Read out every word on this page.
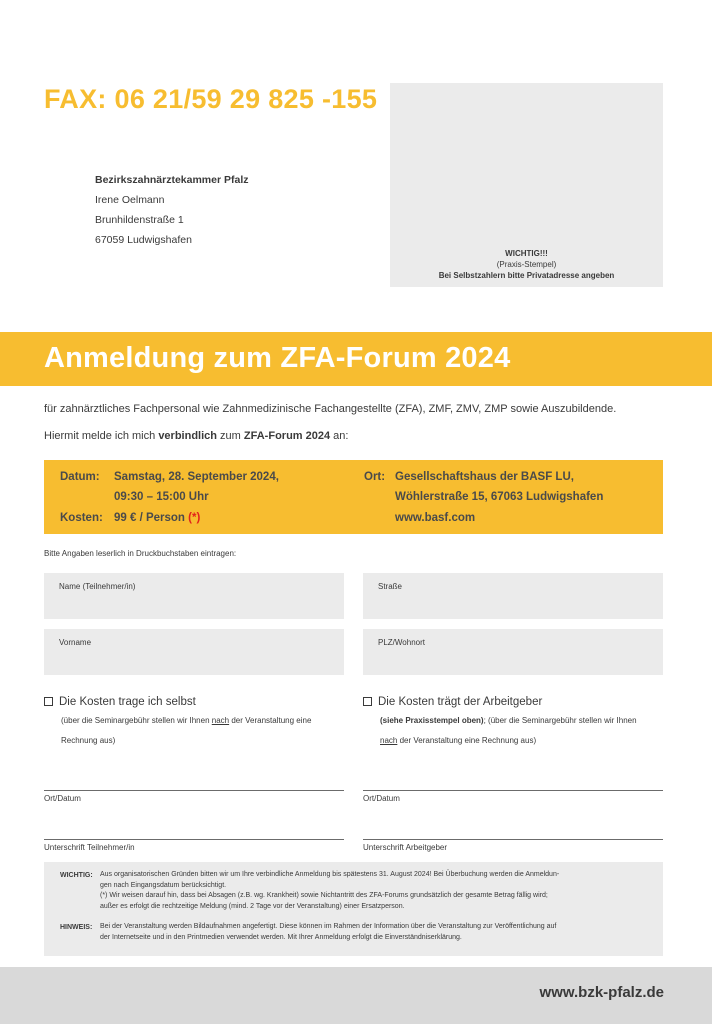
FAX: 06 21/59 29 825 -155
Bezirkszahnärztekammer Pfalz
Irene Oelmann
Brunhildenstraße 1
67059 Ludwigshafen
WICHTIG!!!
(Praxis-Stempel)
Bei Selbstzahlern bitte Privatadresse angeben
Anmeldung zum ZFA-Forum 2024
für zahnärztliches Fachpersonal wie Zahnmedizinische Fachangestellte (ZFA), ZMF, ZMV, ZMP sowie Auszubildende.
Hiermit melde ich mich verbindlich zum ZFA-Forum 2024 an:
Datum: Samstag, 28. September 2024,
09:30 – 15:00 Uhr
Kosten: 99 € / Person (*)
Ort: Gesellschaftshaus der BASF LU,
Wöhlerstraße 15, 67063 Ludwigshafen
www.basf.com
Bitte Angaben leserlich in Druckbuchstaben eintragen:
Name (Teilnehmer/in)	Straße
Vorname	PLZ/Wohnort
Die Kosten trage ich selbst
(über die Seminargebühr stellen wir Ihnen nach der Veranstaltung eine
Rechnung aus)
Die Kosten trägt der Arbeitgeber
(siehe Praxisstempel oben); (über die Seminargebühr stellen wir Ihnen
nach der Veranstaltung eine Rechnung aus)
Ort/Datum	Ort/Datum
Unterschrift Teilnehmer/in	Unterschrift Arbeitgeber
WICHTIG: Aus organisatorischen Gründen bitten wir um Ihre verbindliche Anmeldung bis spätestens 31. August 2024! Bei Überbuchung werden die Anmeldun-
gen nach Eingangsdatum berücksichtigt.
(*) Wir weisen darauf hin, dass bei Absagen (z.B. wg. Krankheit) sowie Nichtantritt des ZFA-Forums grundsätzlich der gesamte Betrag fällig wird;
außer es erfolgt die rechtzeitige Meldung (mind. 2 Tage vor der Veranstaltung) einer Ersatzperson.
HINWEIS: Bei der Veranstaltung werden Bildaufnahmen angefertigt. Diese können im Rahmen der Information über die Veranstaltung zur Veröffentlichung auf
der Internetseite und in den Printmedien verwendet werden. Mit Ihrer Anmeldung erfolgt die Einverständniserklärung.
www.bzk-pfalz.de
